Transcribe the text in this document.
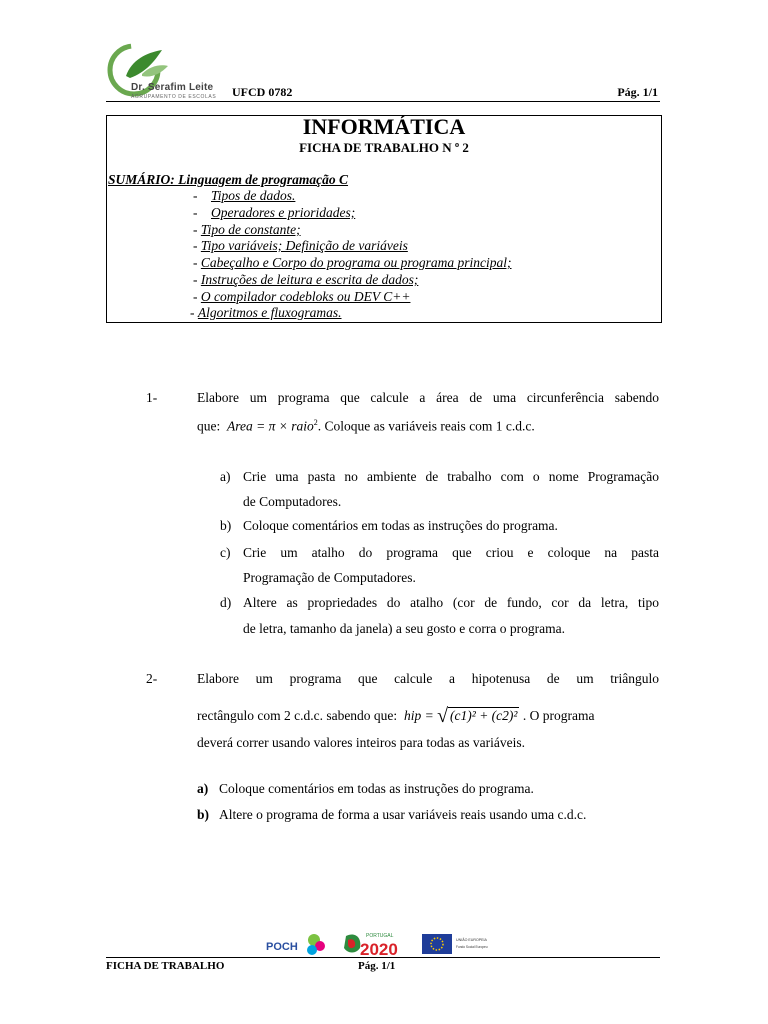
Dr. Serafim Leite
AGRUPAMENTO DE ESCOLAS UFCD 0782	Pág. 1/1
INFORMÁTICA
FICHA DE TRABALHO N º 2
SUMÁRIO: Linguagem de programação C
- Tipos de dados.
- Operadores e prioridades;
- Tipo de constante;
- Tipo variáveis; Definição de variáveis
- Cabeçalho e Corpo do programa ou programa principal;
- Instruções de leitura e escrita de dados;
- O compilador codebloks ou DEV C++
- Algoritmos e fluxogramas.
1-	Elabore um programa que calcule a área de uma circunferência sabendo
que: Area = π × raio$^2$. Coloque as variáveis reais com 1 c.d.c.
a) Crie uma pasta no ambiente de trabalho com o nome Programação
de Computadores.
b) Coloque comentários em todas as instruções do programa.
c) Crie um atalho do programa que criou e coloque na pasta
Programação de Computadores.
d) Altere as propriedades do atalho (cor de fundo, cor da letra, tipo
de letra, tamanho da janela) a seu gosto e corra o programa.
2-	Elabore um programa que calcule a hipotenusa de um triângulo
rectângulo com 2 c.d.c. sabendo que: hip = √ (c1)² + (c2)² . O programa
deverá correr usando valores inteiros para todas as variáveis.
a) Coloque comentários em todas as instruções do programa.
b) Altere o programa de forma a usar variáveis reais usando uma c.d.c.
POCH
PORTUGAL
2020	UNIÃO EUROPEIA
Fundo Social Europeu
FICHA DE TRABALHO	Pág. 1/1
